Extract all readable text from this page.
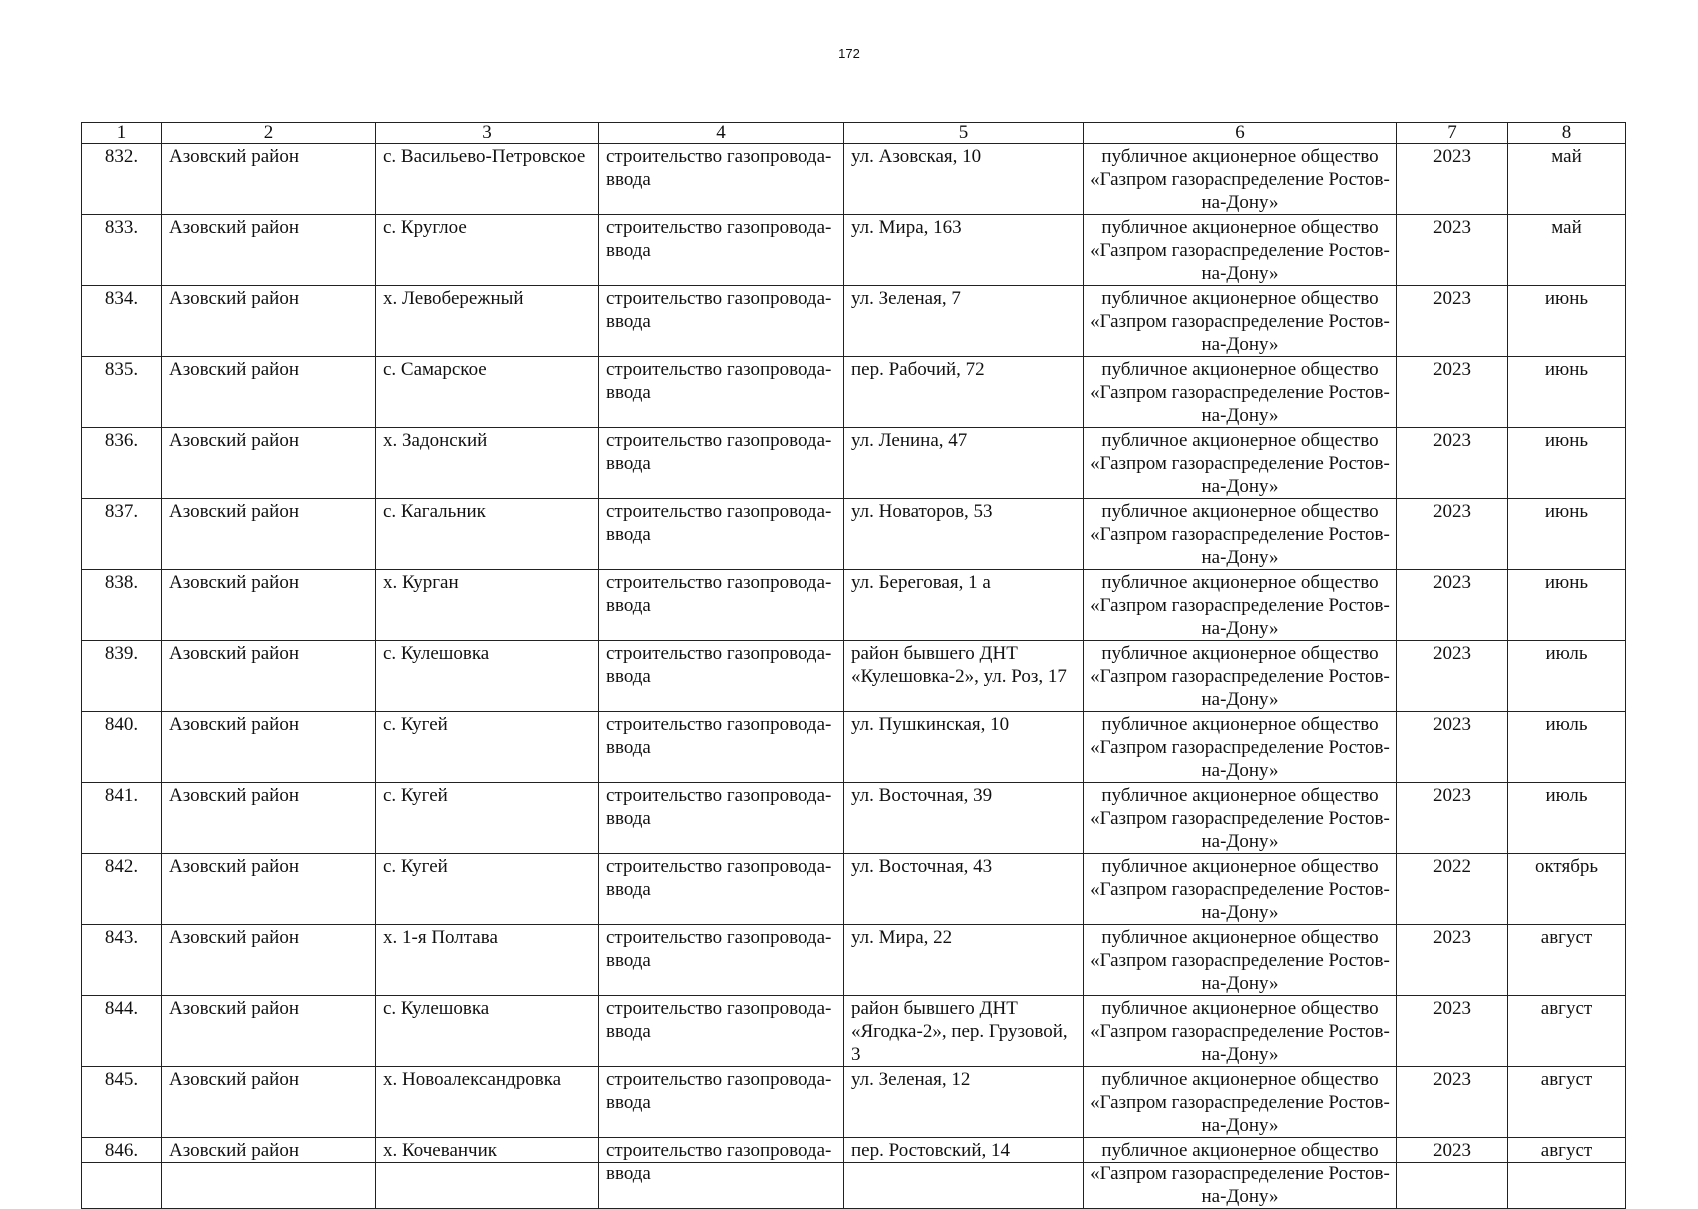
172
1	2	3	4	5	6	7	8
832.	Азовский район	с. Васильево-Петровское	строительство газопровода-ввода	ул. Азовская, 10	публичное акционерное общество «Газпром газораспределение Ростов-на-Дону»	2023	май
833.	Азовский район	с. Круглое	строительство газопровода-ввода	ул. Мира, 163	публичное акционерное общество «Газпром газораспределение Ростов-на-Дону»	2023	май
834.	Азовский район	х. Левобережный	строительство газопровода-ввода	ул. Зеленая, 7	публичное акционерное общество «Газпром газораспределение Ростов-на-Дону»	2023	июнь
835.	Азовский район	с. Самарское	строительство газопровода-ввода	пер. Рабочий, 72	публичное акционерное общество «Газпром газораспределение Ростов-на-Дону»	2023	июнь
836.	Азовский район	х. Задонский	строительство газопровода-ввода	ул. Ленина, 47	публичное акционерное общество «Газпром газораспределение Ростов-на-Дону»	2023	июнь
837.	Азовский район	с. Кагальник	строительство газопровода-ввода	ул. Новаторов, 53	публичное акционерное общество «Газпром газораспределение Ростов-на-Дону»	2023	июнь
838.	Азовский район	х. Курган	строительство газопровода-ввода	ул. Береговая, 1 а	публичное акционерное общество «Газпром газораспределение Ростов-на-Дону»	2023	июнь
839.	Азовский район	с. Кулешовка	строительство газопровода-ввода	район бывшего ДНТ «Кулешовка-2», ул. Роз, 17	публичное акционерное общество «Газпром газораспределение Ростов-на-Дону»	2023	июль
840.	Азовский район	с. Кугей	строительство газопровода-ввода	ул. Пушкинская, 10	публичное акционерное общество «Газпром газораспределение Ростов-на-Дону»	2023	июль
841.	Азовский район	с. Кугей	строительство газопровода-ввода	ул. Восточная, 39	публичное акционерное общество «Газпром газораспределение Ростов-на-Дону»	2023	июль
842.	Азовский район	с. Кугей	строительство газопровода-ввода	ул. Восточная, 43	публичное акционерное общество «Газпром газораспределение Ростов-на-Дону»	2022	октябрь
843.	Азовский район	х. 1-я Полтава	строительство газопровода-ввода	ул. Мира, 22	публичное акционерное общество «Газпром газораспределение Ростов-на-Дону»	2023	август
844.	Азовский район	с. Кулешовка	строительство газопровода-ввода	район бывшего ДНТ «Ягодка-2», пер. Грузовой, 3	публичное акционерное общество «Газпром газораспределение Ростов-на-Дону»	2023	август
845.	Азовский район	х. Новоалександровка	строительство газопровода-ввода	ул. Зеленая, 12	публичное акционерное общество «Газпром газораспределение Ростов-на-Дону»	2023	август
846.	Азовский район	х. Кочеванчик	строительство газопровода-ввода	пер. Ростовский, 14	публичное акционерное общество «Газпром газораспределение Ростов-на-Дону»	2023	август
